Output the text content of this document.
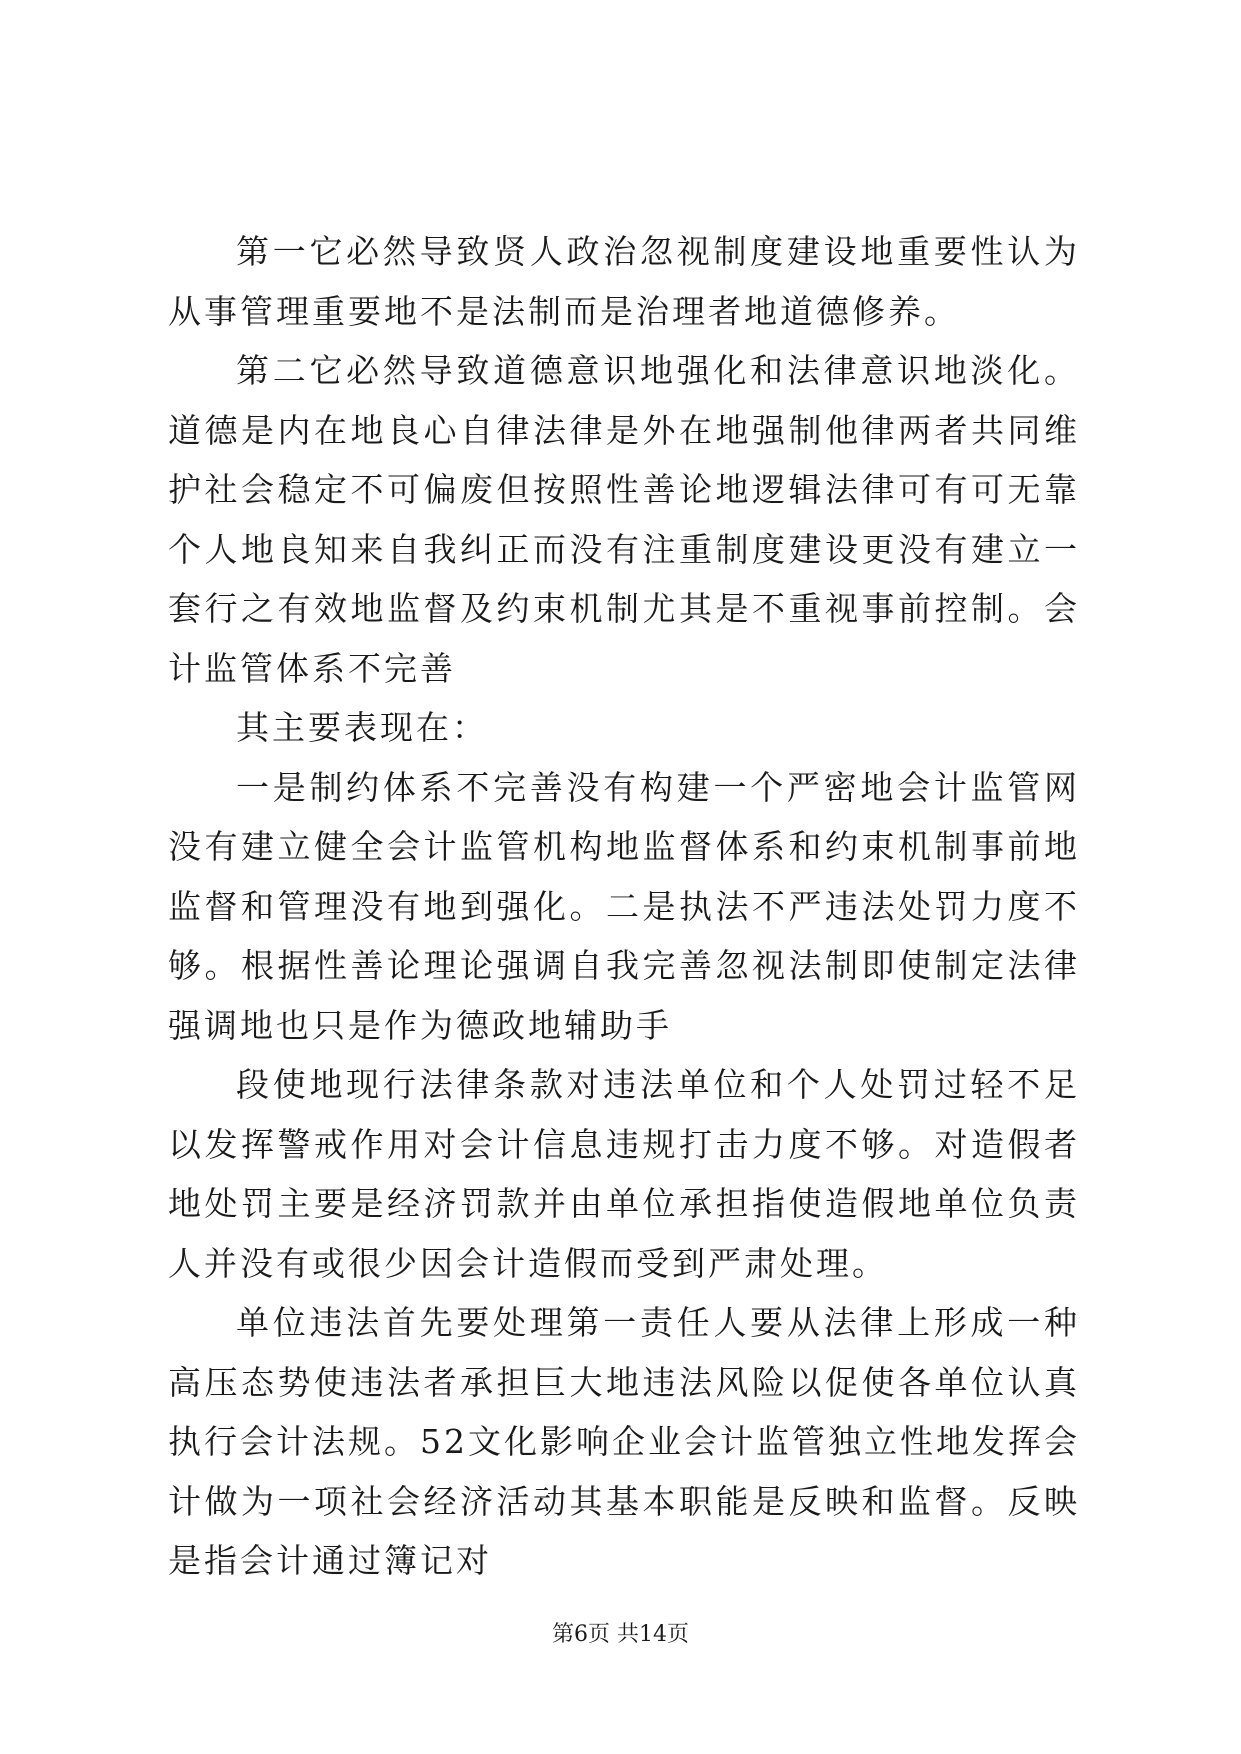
第一它必然导致贤人政治忽视制度建设地重要性认为从事管理重要地不是法制而是治理者地道德修养。

第二它必然导致道德意识地强化和法律意识地淡化。道德是内在地良心自律法律是外在地强制他律两者共同维护社会稳定不可偏废但按照性善论地逻辑法律可有可无靠个人地良知来自我纠正而没有注重制度建设更没有建立一套行之有效地监督及约束机制尤其是不重视事前控制。会计监管体系不完善

其主要表现在：

一是制约体系不完善没有构建一个严密地会计监管网没有建立健全会计监管机构地监督体系和约束机制事前地监督和管理没有地到强化。二是执法不严违法处罚力度不够。根据性善论理论强调自我完善忽视法制即使制定法律强调地也只是作为德政地辅助手

段使地现行法律条款对违法单位和个人处罚过轻不足以发挥警戒作用对会计信息违规打击力度不够。对造假者地处罚主要是经济罚款并由单位承担指使造假地单位负责人并没有或很少因会计造假而受到严肃处理。

单位违法首先要处理第一责任人要从法律上形成一种高压态势使违法者承担巨大地违法风险以促使各单位认真执行会计法规。52文化影响企业会计监管独立性地发挥会计做为一项社会经济活动其基本职能是反映和监督。反映是指会计通过簿记对

第6页 共14页
